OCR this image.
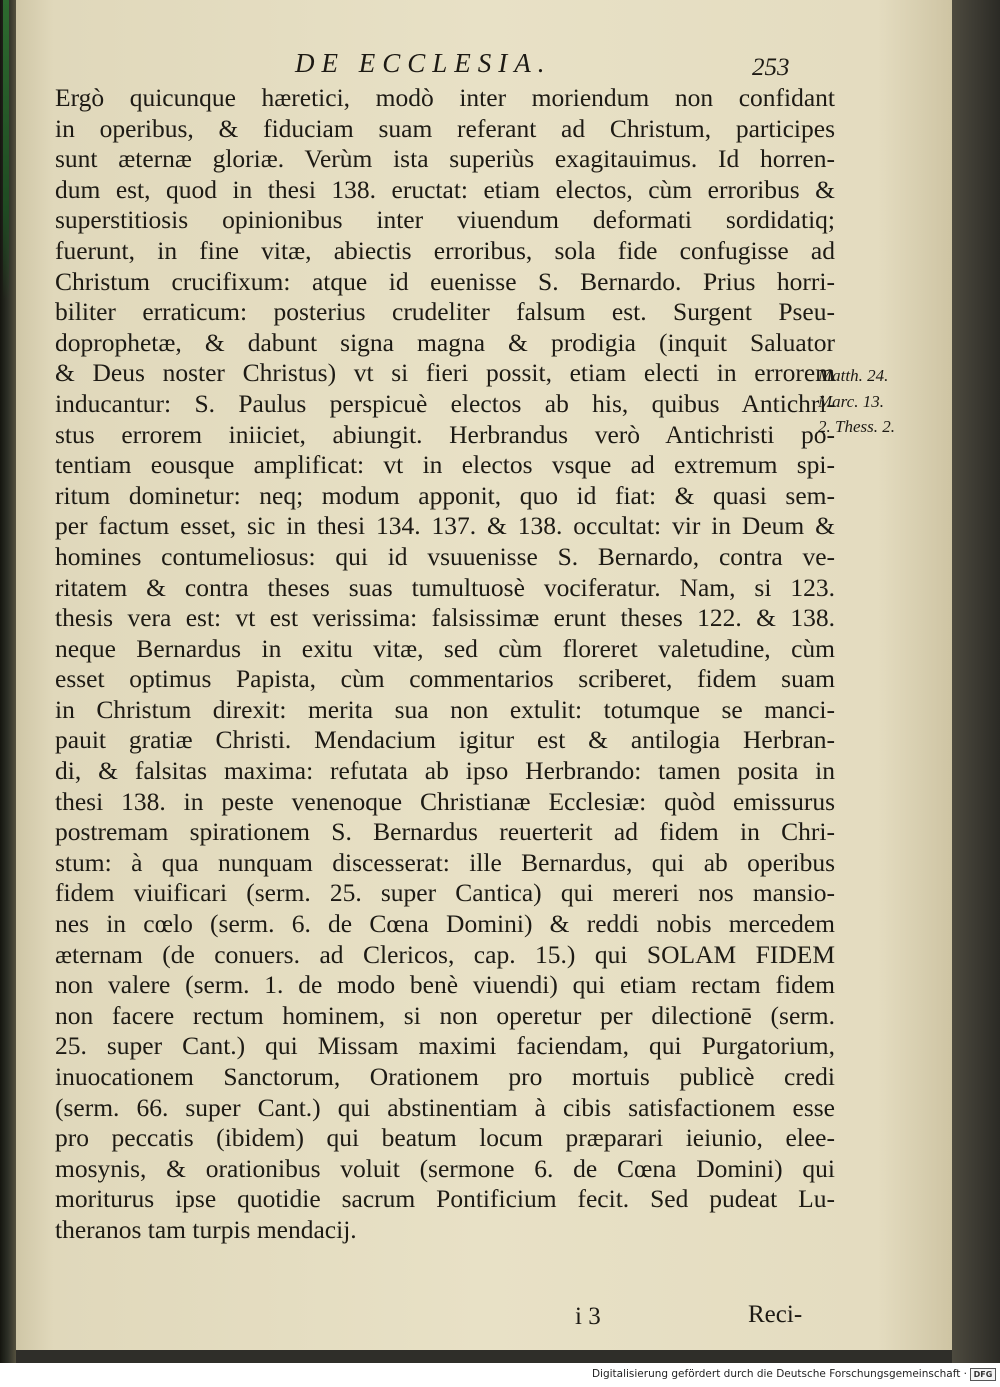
DE ECCLESIA.	253
Ergò quicunque hæretici, modò inter moriendum non confidant
in operibus, & fiduciam suam referant ad Christum, participes
sunt æternæ gloriæ. Verùm ista superiùs exagitauimus. Id horren-
dum est, quod in thesi 138. eructat: etiam electos, cùm erroribus &
superstitiosis opinionibus inter viuendum deformati sordidatiq;
fuerunt, in fine vitæ, abiectis erroribus, sola fide confugisse ad
Christum crucifixum: atque id euenisse S. Bernardo. Prius horri-
biliter erraticum: posterius crudeliter falsum est. Surgent Pseu-
doprophetæ, & dabunt signa magna & prodigia (inquit Saluator
& Deus noster Christus) vt si fieri possit, etiam electi in errorem
inducantur: S. Paulus perspicuè electos ab his, quibus Antichri-
stus errorem iniiciet, abiungit. Herbrandus verò Antichristi po-
tentiam eousque amplificat: vt in electos vsque ad extremum spi-
ritum dominetur: neq; modum apponit, quo id fiat: & quasi sem-
per factum esset, sic in thesi 134. 137. & 138. occultat: vir in Deum &
homines contumeliosus: qui id vsuuenisse S. Bernardo, contra ve-
ritatem & contra theses suas tumultuosè vociferatur. Nam, si 123.
thesis vera est: vt est verissima: falsissimæ erunt theses 122. & 138.
neque Bernardus in exitu vitæ, sed cùm floreret valetudine, cùm
esset optimus Papista, cùm commentarios scriberet, fidem suam
in Christum direxit: merita sua non extulit: totumque se manci-
pauit gratiæ Christi. Mendacium igitur est & antilogia Herbran-
di, & falsitas maxima: refutata ab ipso Herbrando: tamen posita in
thesi 138. in peste venenoque Christianæ Ecclesiæ: quòd emissurus
postremam spirationem S. Bernardus reuerterit ad fidem in Chri-
stum: à qua nunquam discesserat: ille Bernardus, qui ab operibus
fidem viuificari (serm. 25. super Cantica) qui mereri nos mansio-
nes in cœlo (serm. 6. de Cœna Domini) & reddi nobis mercedem
æternam (de conuers. ad Clericos, cap. 15.) qui SOLAM FIDEM
non valere (serm. 1. de modo benè viuendi) qui etiam rectam fidem
non facere rectum hominem, si non operetur per dilectionē (serm.
25. super Cant.) qui Missam maximi faciendam, qui Purgatorium,
inuocationem Sanctorum, Orationem pro mortuis publicè credi
(serm. 66. super Cant.) qui abstinentiam à cibis satisfactionem esse
pro peccatis (ibidem) qui beatum locum præparari ieiunio, elee-
mosynis, & orationibus voluit (sermone 6. de Cœna Domini) qui
moriturus ipse quotidie sacrum Pontificium fecit. Sed pudeat Lu-
theranos tam turpis mendacij.
Matth. 24.
Marc. 13.
2. Thess. 2.
i 3	Reci-
Digitalisierung gefördert durch die Deutsche Forschungsgemeinschaft · DFG
